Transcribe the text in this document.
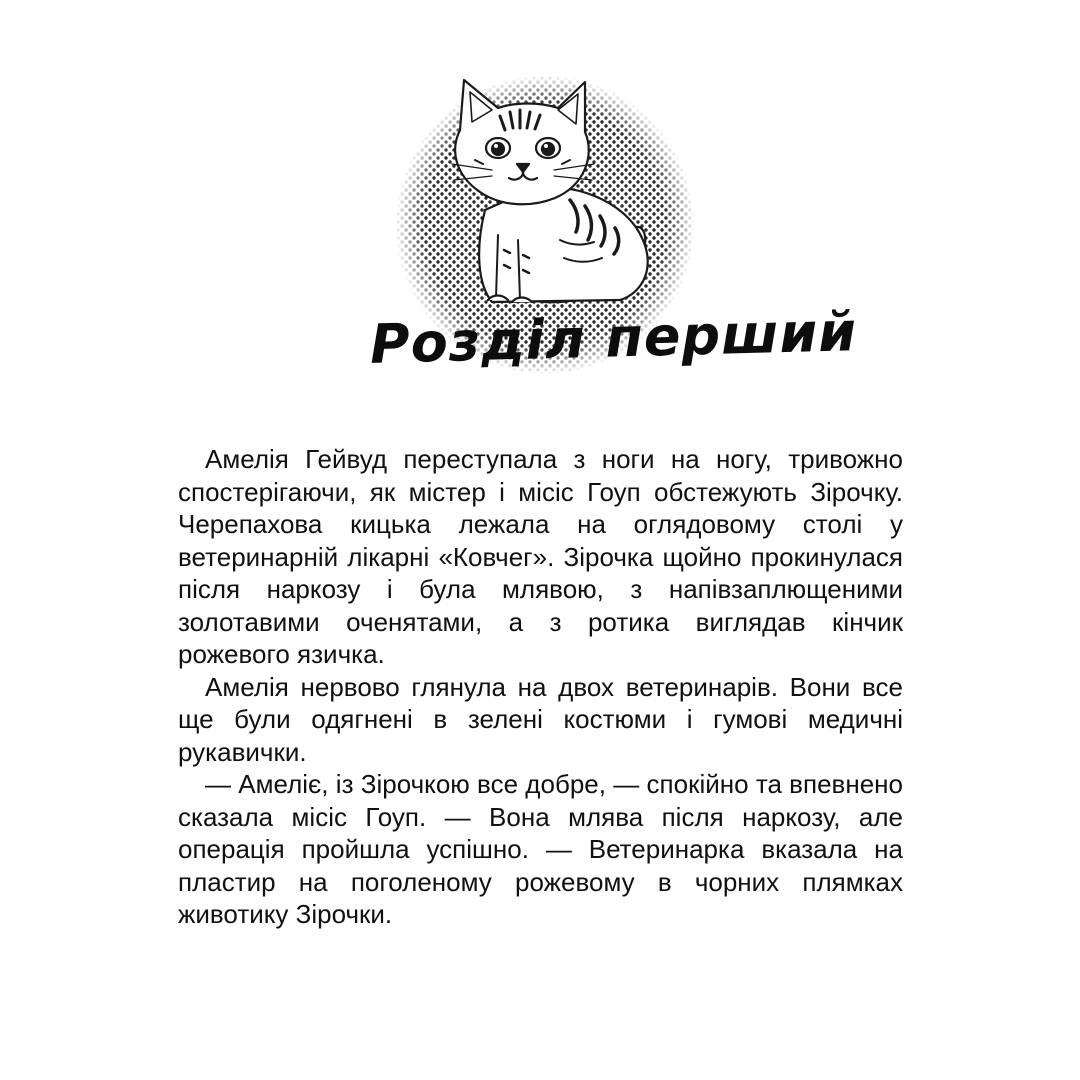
Розділ перший

Амелія Гейвуд переступала з ноги на ногу, тривожно спостерігаючи, як містер і місіс Гоуп обстежують Зірочку. Черепахова кицька лежала на оглядовому столі у ветеринарній лікарні «Ковчег». Зірочка щойно прокинулася після наркозу і була млявою, з напівзаплющеними золотавими оченятами, а з ротика виглядав кінчик рожевого язичка.

Амелія нервово глянула на двох ветеринарів. Вони все ще були одягнені в зелені костюми і гумові медичні рукавички.

— Амеліє, із Зірочкою все добре, — спокійно та впевнено сказала місіс Гоуп. — Вона млява після наркозу, але операція пройшла успішно. — Ветеринарка вказала на пластир на поголеному рожевому в чорних плямках животику Зірочки.
